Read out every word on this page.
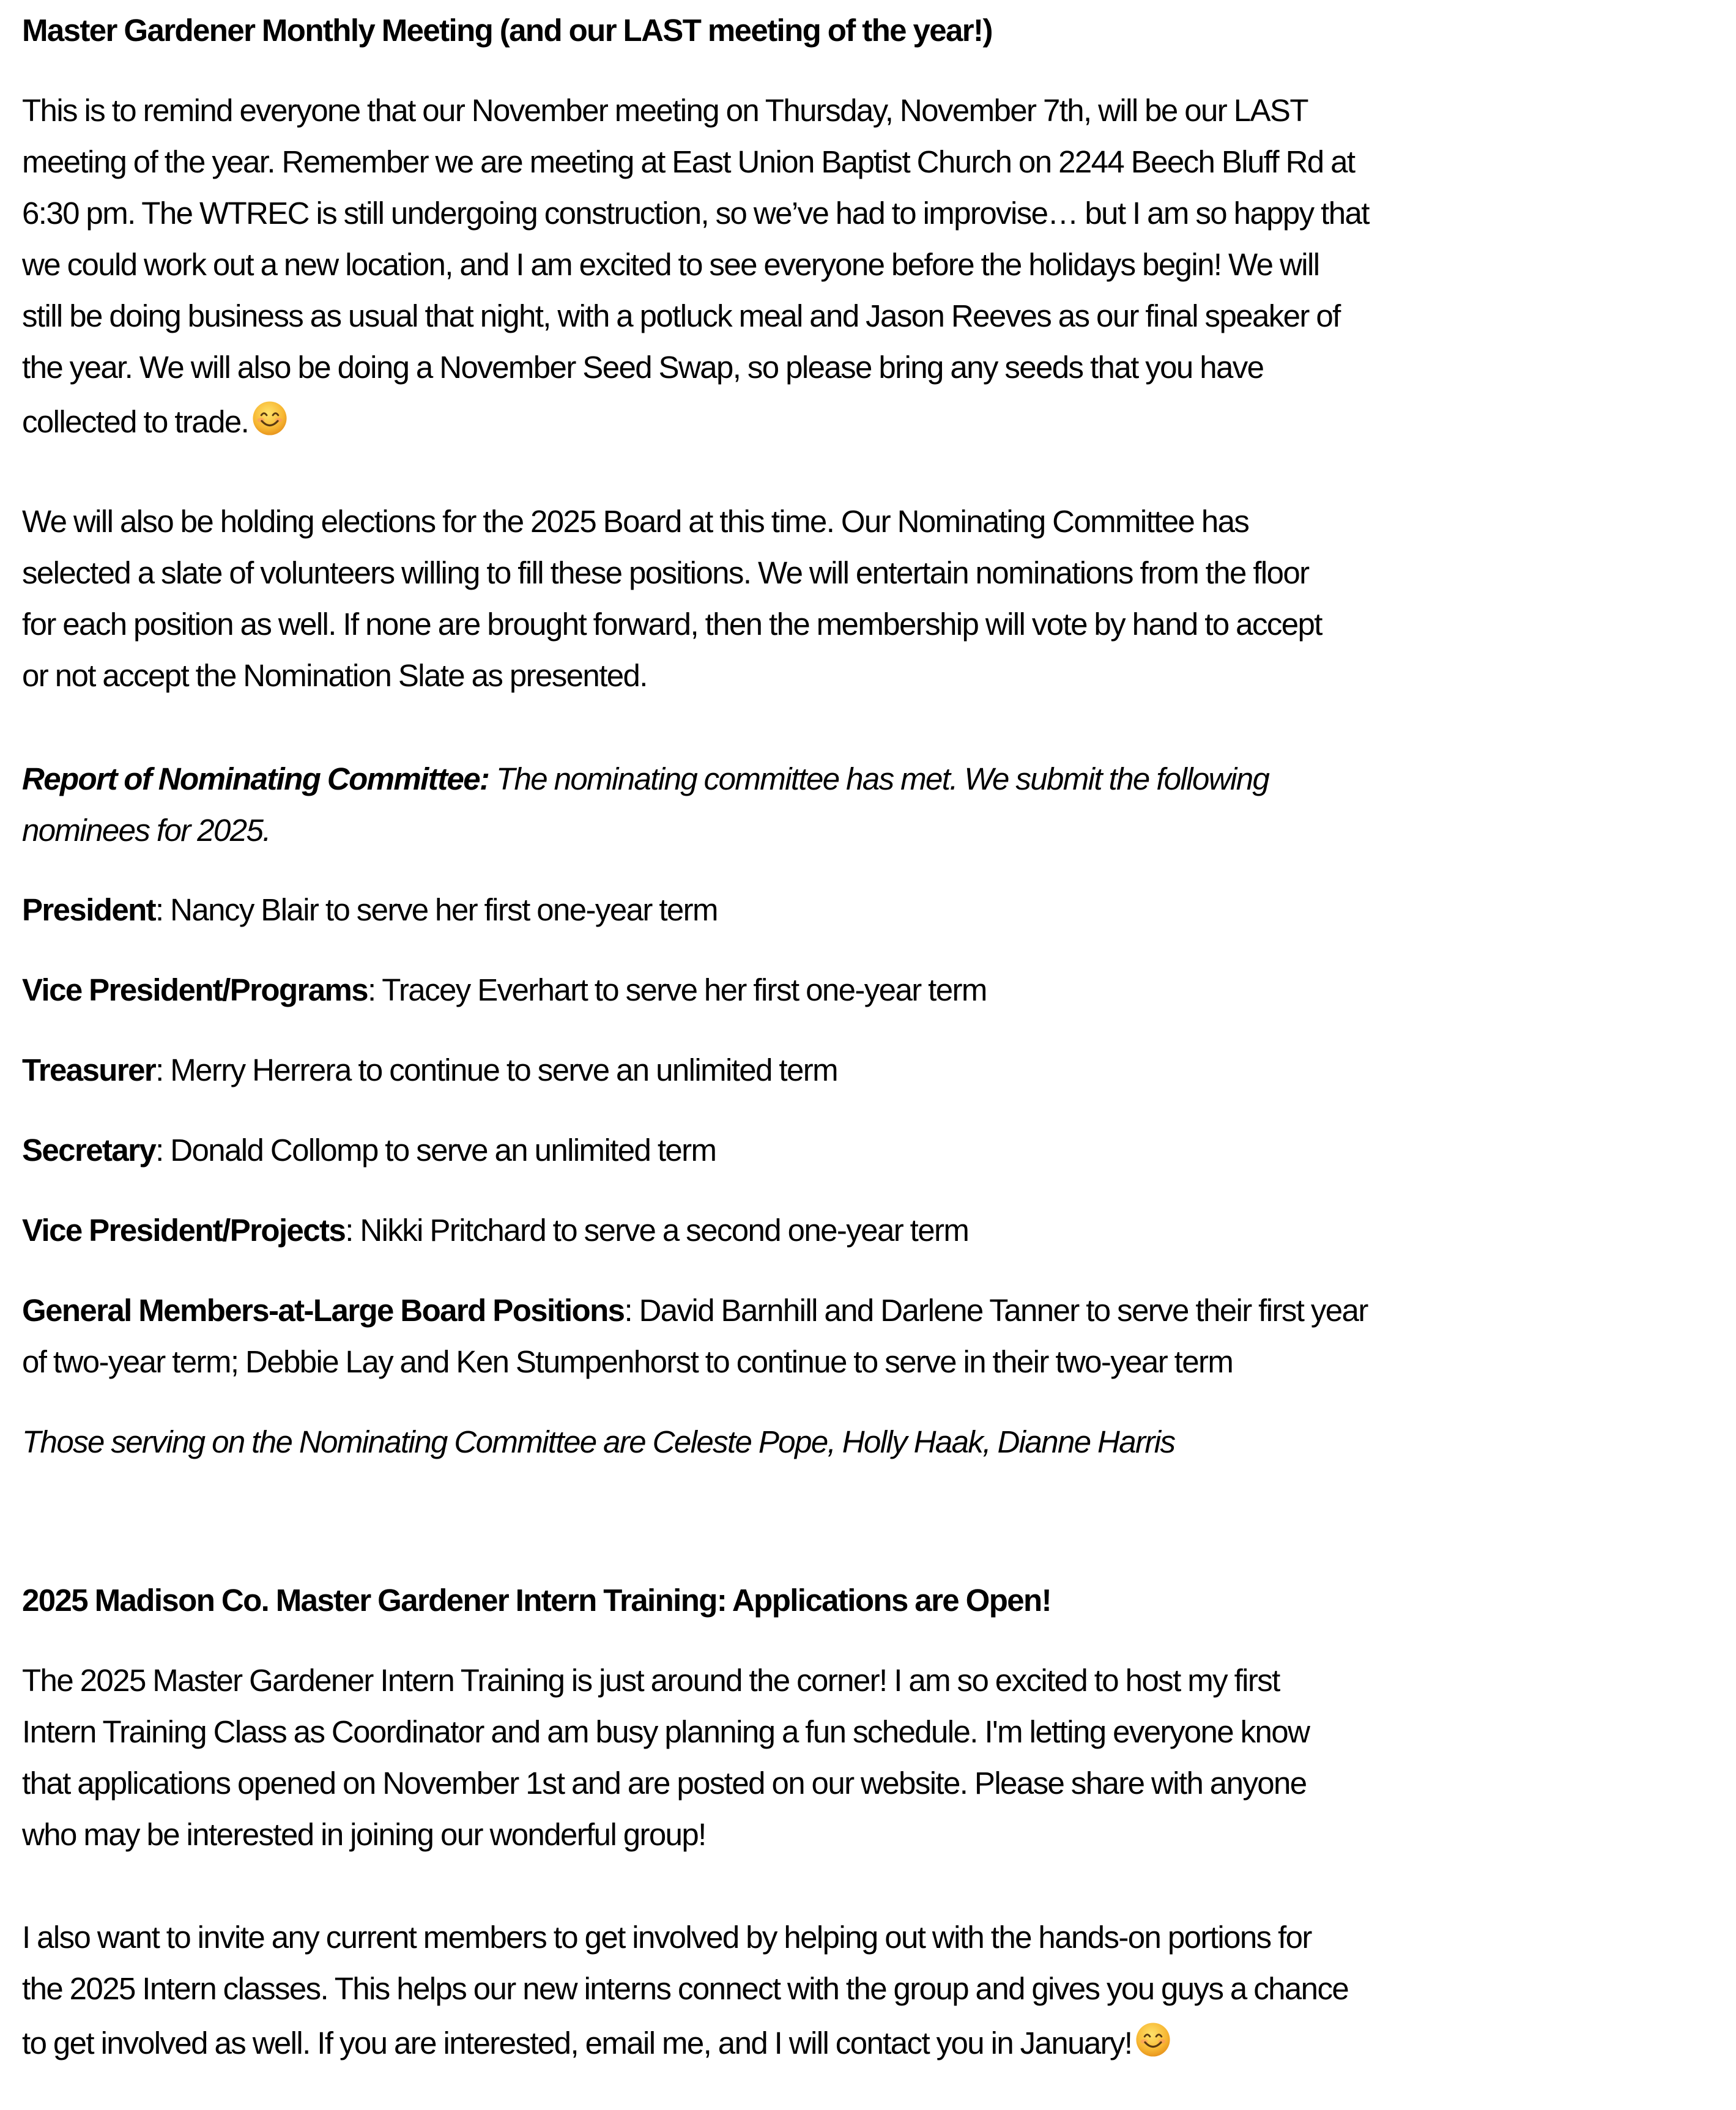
Master Gardener Monthly Meeting (and our LAST meeting of the year!)
This is to remind everyone that our November meeting on Thursday, November 7th, will be our LAST
meeting of the year. Remember we are meeting at East Union Baptist Church on 2244 Beech Bluff Rd at
6:30 pm. The WTREC is still undergoing construction, so we’ve had to improvise… but I am so happy that
we could work out a new location, and I am excited to see everyone before the holidays begin! We will
still be doing business as usual that night, with a potluck meal and Jason Reeves as our final speaker of
the year. We will also be doing a November Seed Swap, so please bring any seeds that you have
collected to trade.
We will also be holding elections for the 2025 Board at this time. Our Nominating Committee has
selected a slate of volunteers willing to fill these positions. We will entertain nominations from the floor
for each position as well. If none are brought forward, then the membership will vote by hand to accept
or not accept the Nomination Slate as presented.
Report of Nominating Committee: The nominating committee has met. We submit the following
nominees for 2025.
President: Nancy Blair to serve her first one-year term
Vice President/Programs: Tracey Everhart to serve her first one-year term
Treasurer: Merry Herrera to continue to serve an unlimited term
Secretary: Donald Collomp to serve an unlimited term
Vice President/Projects: Nikki Pritchard to serve a second one-year term
General Members-at-Large Board Positions: David Barnhill and Darlene Tanner to serve their first year
of two-year term; Debbie Lay and Ken Stumpenhorst to continue to serve in their two-year term
Those serving on the Nominating Committee are Celeste Pope, Holly Haak, Dianne Harris
2025 Madison Co. Master Gardener Intern Training: Applications are Open!
The 2025 Master Gardener Intern Training is just around the corner! I am so excited to host my first
Intern Training Class as Coordinator and am busy planning a fun schedule. I'm letting everyone know
that applications opened on November 1st and are posted on our website. Please share with anyone
who may be interested in joining our wonderful group!
I also want to invite any current members to get involved by helping out with the hands-on portions for
the 2025 Intern classes. This helps our new interns connect with the group and gives you guys a chance
to get involved as well. If you are interested, email me, and I will contact you in January!
